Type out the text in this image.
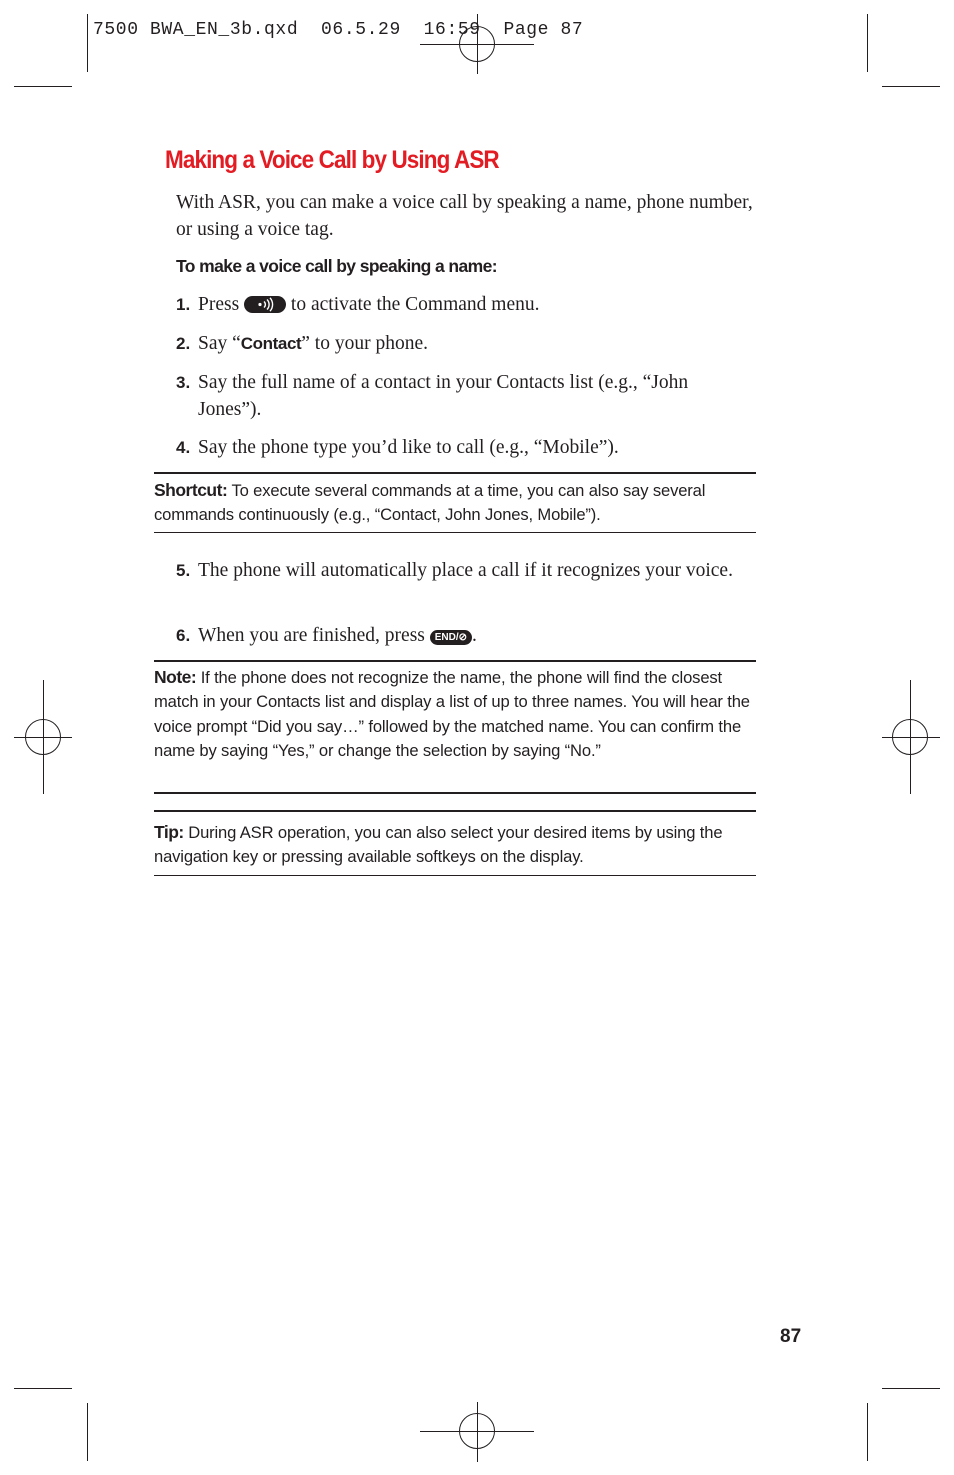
7500 BWA_EN_3b.qxd  06.5.29  16:59  Page 87
Making a Voice Call by Using ASR

With ASR, you can make a voice call by speaking a name, phone number, or using a voice tag.

To make a voice call by speaking a name:

1. Press	to activate the Command menu.
2. Say “Contact” to your phone.
3. Say the full name of a contact in your Contacts list (e.g., “John Jones”).
4. Say the phone type you’d like to call (e.g., “Mobile”).

Shortcut: To execute several commands at a time, you can also say several commands continuously (e.g., “Contact, John Jones, Mobile”).

5. The phone will automatically place a call if it recognizes your voice.
6. When you are finished, press END/⊘ .

Note: If the phone does not recognize the name, the phone will find the closest match in your Contacts list and display a list of up to three names. You will hear the voice prompt “Did you say…” followed by the matched name. You can confirm the name by saying “Yes,” or change the selection by saying “No.”

Tip: During ASR operation, you can also select your desired items by using the navigation key or pressing available softkeys on the display.

87
